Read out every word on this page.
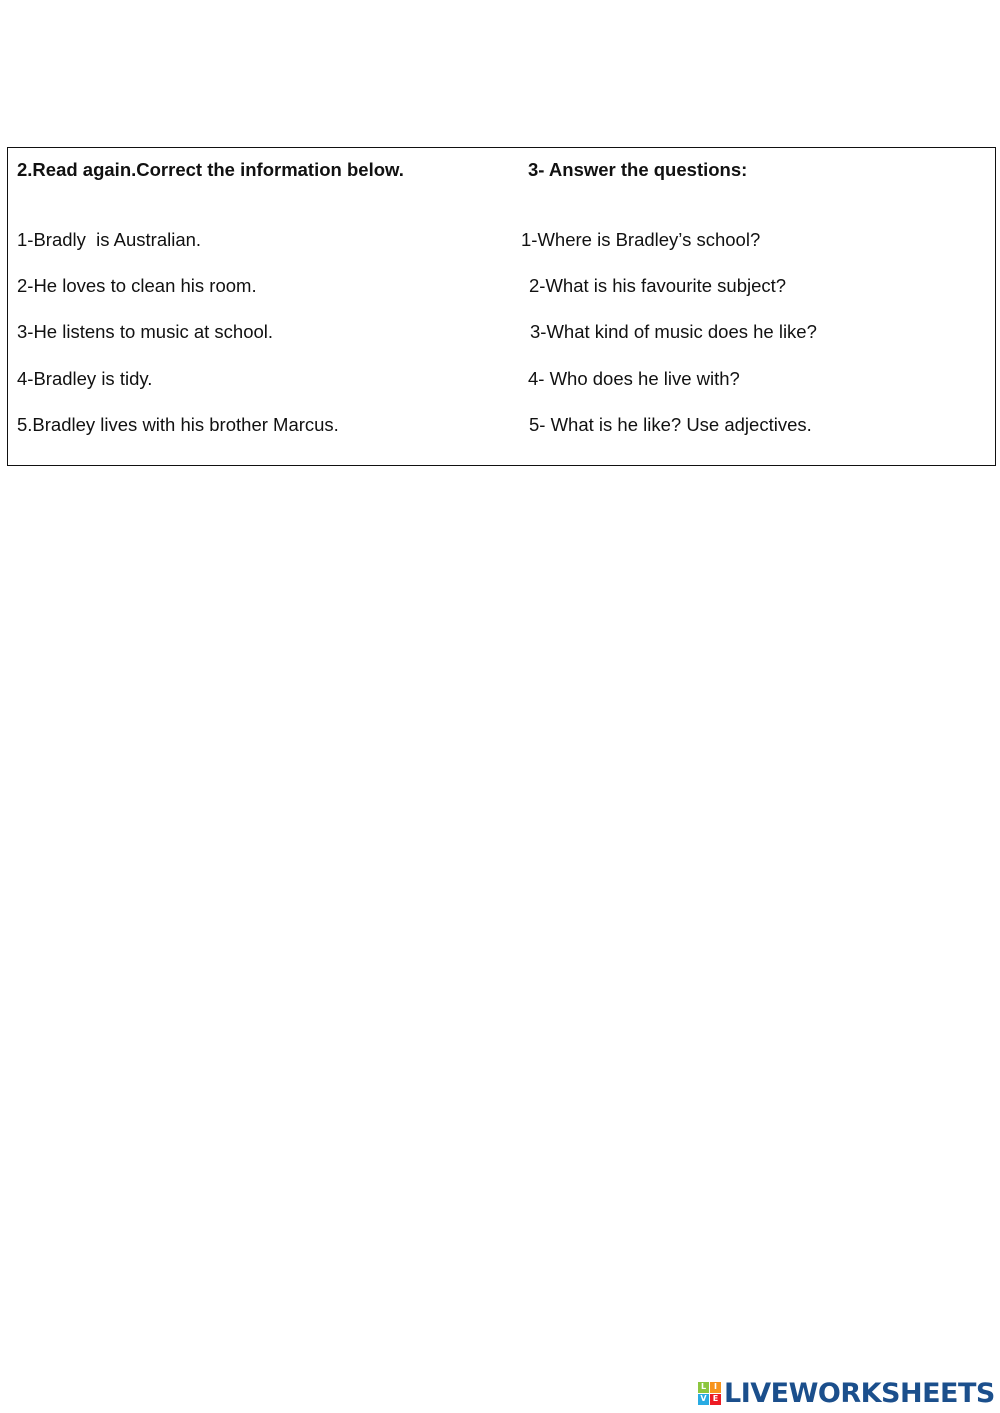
2.Read again.Correct the information below.
1-Bradly  is Australian.
2-He loves to clean his room.
3-He listens to music at school.
4-Bradley is tidy.
5.Bradley lives with his brother Marcus.
3- Answer the questions:
1-Where is Bradley’s school?
2-What is his favourite subject?
3-What kind of music does he like?
4- Who does he live with?
5- What is he like? Use adjectives.
L I
V E LIVEWORKSHEETS
